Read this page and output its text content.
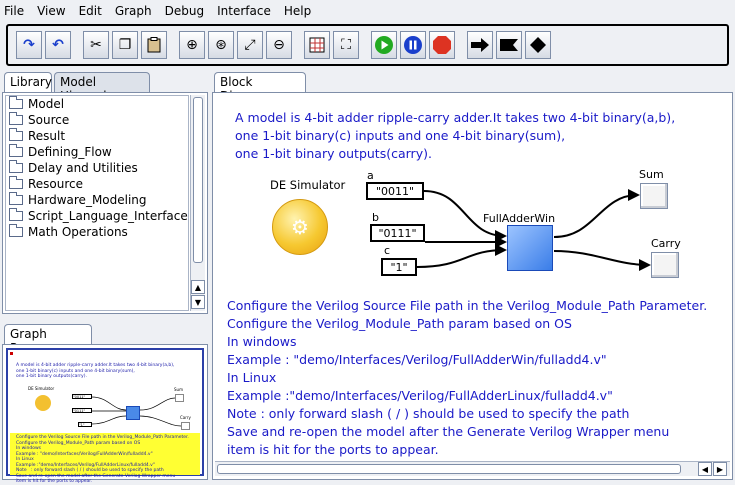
File View Edit Graph Debug Interface Help
↷ ↶ ✂ ❐	⊕ ⊛ ⤢ ⊖	⛶
Library Model
Model
Source
Result
Defining_Flow
Delay and Utilities
Resource
Hardware_Modeling
Script_Language_Interface
Math Operations
▲
▼
Graph
A model is 4-bit adder ripple-carry adder.It takes two 4-bit binary(a,b),
one 1-bit binary(c) inputs and one 4-bit binary(sum),
one 1-bit binary outputs(carry).
DE Simulator
"0011"
"0111"
"1"
Sum
Carry
Configure the Verilog Source File path in the Verilog_Module_Path Parameter.
Configure the Verilog_Module_Path param based on OS
In windows
Example : "demo/Interfaces/Verilog/FullAdderWin/fulladd4.v"
In Linux
Example :"demo/Interfaces/Verilog/FullAdderLinux/fulladd4.v"
Note   : only forward slash ( / ) should be used to specify the path
Save and re-open the model after the Generate Verilog Wrapper menu
item is hit for the ports to appear.
Block
A model is 4-bit adder ripple-carry adder.It takes two 4-bit binary(a,b),
one 1-bit binary(c) inputs and one 4-bit binary(sum),
one 1-bit binary outputs(carry).
DE Simulator
⚙
a
"0011"
b
"0111"
c
"1"
FullAdderWin
Sum
Carry
Configure the Verilog Source File path in the Verilog_Module_Path Parameter.
Configure the Verilog_Module_Path param based on OS
In windows
Example : "demo/Interfaces/Verilog/FullAdderWin/fulladd4.v"
In Linux
Example :"demo/Interfaces/Verilog/FullAdderLinux/fulladd4.v"
Note : only forward slash ( / ) should be used to specify the path
Save and re-open the model after the Generate Verilog Wrapper menu
item is hit for the ports to appear.
◀	▶
